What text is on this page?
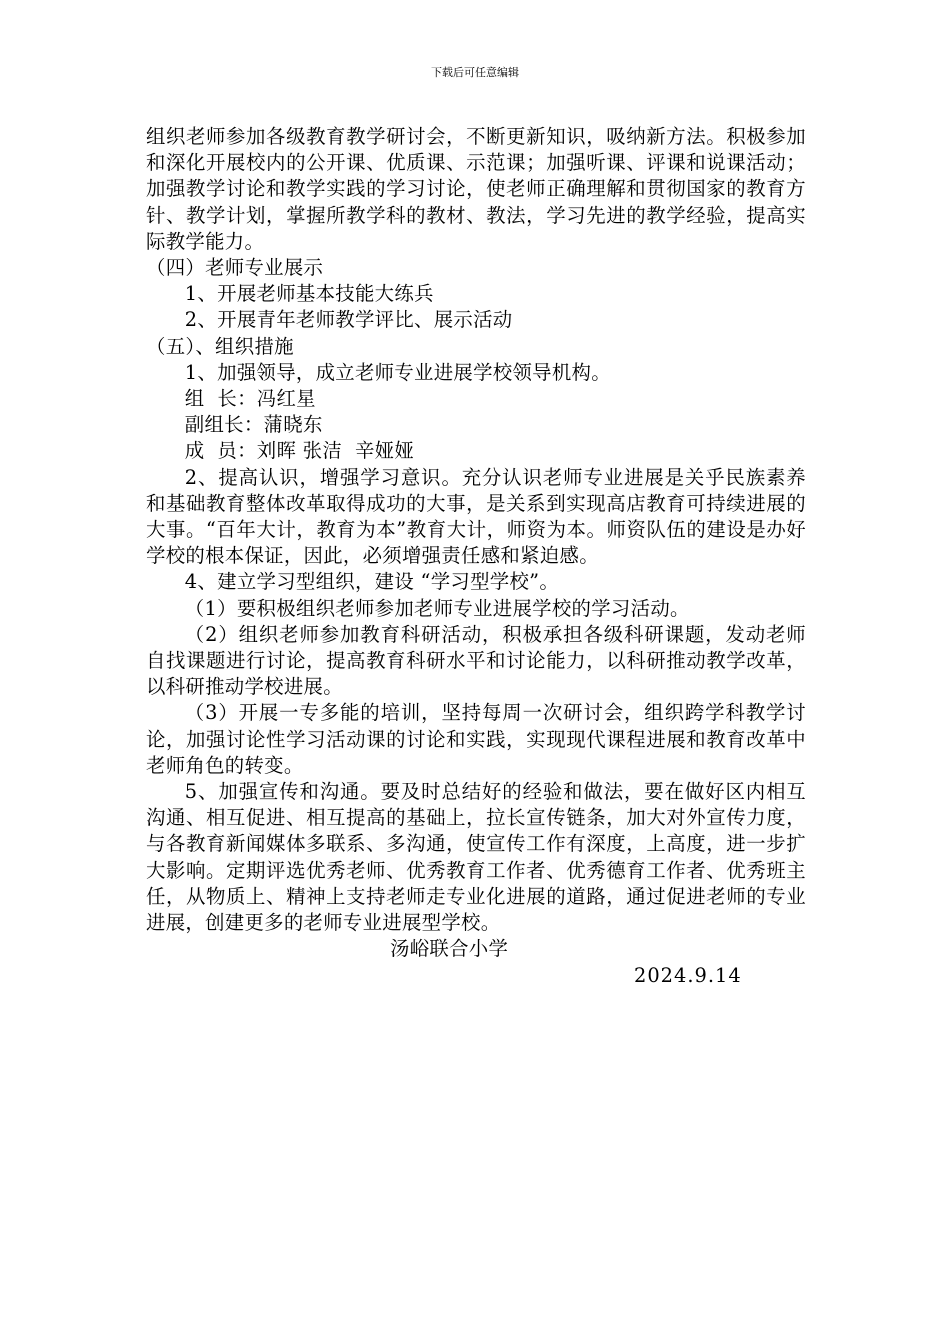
下载后可任意编辑

组织老师参加各级教育教学研讨会，不断更新知识，吸纳新方法。积极参加和深化开展校内的公开课、优质课、示范课；加强听课、评课和说课活动；加强教学讨论和教学实践的学习讨论，使老师正确理解和贯彻国家的教育方针、教学计划，掌握所教学科的教材、教法，学习先进的教学经验，提高实际教学能力。

（四）老师专业展示

1、开展老师基本技能大练兵

2、开展青年老师教学评比、展示活动

（五）、组织措施

1、加强领导，成立老师专业进展学校领导机构。

组  长：冯红星

副组长：蒲晓东

成  员：刘晖 张洁  辛娅娅

2、提高认识，增强学习意识。充分认识老师专业进展是关乎民族素养和基础教育整体改革取得成功的大事，是关系到实现高店教育可持续进展的大事。“百年大计，教育为本”教育大计，师资为本。师资队伍的建设是办好学校的根本保证，因此，必须增强责任感和紧迫感。

4、建立学习型组织，建设 “学习型学校”。

（1）要积极组织老师参加老师专业进展学校的学习活动。

（2）组织老师参加教育科研活动，积极承担各级科研课题，发动老师自找课题进行讨论，提高教育科研水平和讨论能力，以科研推动教学改革，以科研推动学校进展。

（3）开展一专多能的培训，坚持每周一次研讨会，组织跨学科教学讨论，加强讨论性学习活动课的讨论和实践，实现现代课程进展和教育改革中老师角色的转变。

5、加强宣传和沟通。要及时总结好的经验和做法，要在做好区内相互沟通、相互促进、相互提高的基础上，拉长宣传链条，加大对外宣传力度，与各教育新闻媒体多联系、多沟通，使宣传工作有深度，上高度，进一步扩大影响。定期评选优秀老师、优秀教育工作者、优秀德育工作者、优秀班主任，从物质上、精神上支持老师走专业化进展的道路，通过促进老师的专业进展，创建更多的老师专业进展型学校。

汤峪联合小学

2024.9.14
